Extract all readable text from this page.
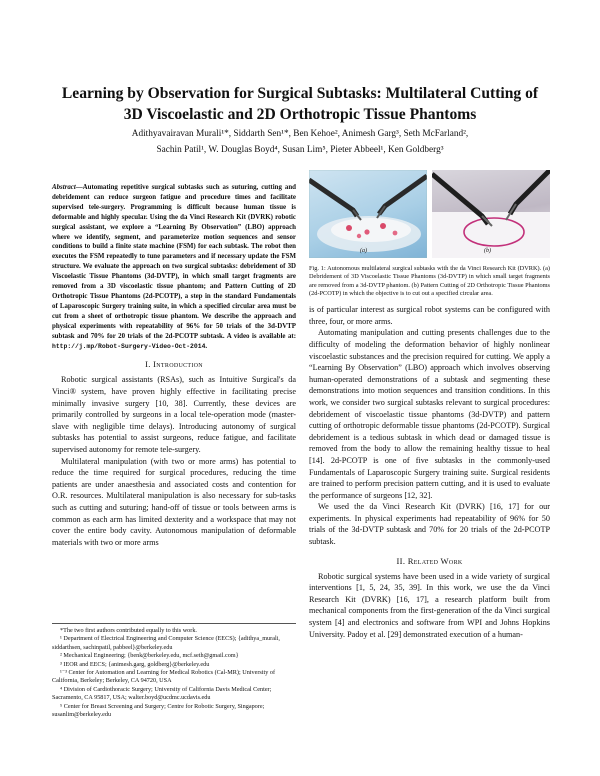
Learning by Observation for Surgical Subtasks: Multilateral Cutting of
3D Viscoelastic and 2D Orthotropic Tissue Phantoms
Adithyavairavan Murali¹*, Siddarth Sen¹*, Ben Kehoe², Animesh Garg³, Seth McFarland²,
Sachin Patil¹, W. Douglas Boyd⁴, Susan Lim⁵, Pieter Abbeel¹, Ken Goldberg³

Abstract—Automating repetitive surgical subtasks such as suturing, cutting and debridement can reduce surgeon fatigue and procedure times and facilitate supervised tele-surgery. Programming is difficult because human tissue is deformable and highly specular. Using the da Vinci Research Kit (DVRK) robotic surgical assistant, we explore a “Learning By Observation” (LBO) approach where we identify, segment, and parameterize motion sequences and sensor conditions to build a finite state machine (FSM) for each subtask. The robot then executes the FSM repeatedly to tune parameters and if necessary update the FSM structure. We evaluate the approach on two surgical subtasks: debridement of 3D Viscoelastic Tissue Phantoms (3d-DVTP), in which small target fragments are removed from a 3D viscoelastic tissue phantom; and Pattern Cutting of 2D Orthotropic Tissue Phantoms (2d-PCOTP), a step in the standard Fundamentals of Laparoscopic Surgery training suite, in which a specified circular area must be cut from a sheet of orthotropic tissue phantom. We describe the approach and physical experiments with repeatability of 96% for 50 trials of the 3d-DVTP subtask and 70% for 20 trials of the 2d-PCOTP subtask. A video is available at: http://j.mp/Robot-Surgery-Video-Oct-2014.

I. Introduction

Robotic surgical assistants (RSAs), such as Intuitive Surgical's da Vinci® system, have proven highly effective in facilitating precise minimally invasive surgery [10, 38]. Currently, these devices are primarily controlled by surgeons in a local tele-operation mode (master-slave with negligible time delays). Introducing autonomy of surgical subtasks has potential to assist surgeons, reduce fatigue, and facilitate supervised autonomy for remote tele-surgery.

Multilateral manipulation (with two or more arms) has potential to reduce the time required for surgical procedures, reducing the time patients are under anaesthesia and associated costs and contention for O.R. resources. Multilateral manipulation is also necessary for sub-tasks such as cutting and suturing; hand-off of tissue or tools between arms is common as each arm has limited dexterity and a workspace that may not cover the entire body cavity. Autonomous manipulation of deformable materials with two or more arms

*The two first authors contributed equally to this work.

¹ Department of Electrical Engineering and Computer Science (EECS); {adithya_murali, siddarthsen, sachinpatil, pabbeel}@berkeley.edu

² Mechanical Engineering; {benk@berkeley.edu, mcf.seth@gmail.com}

³ IEOR and EECS; {animesh.garg, goldberg}@berkeley.edu

¹⁻³ Center for Automation and Learning for Medical Robotics (Cal-MR); University of California, Berkeley; Berkeley, CA 94720, USA

⁴ Division of Cardiothoracic Surgery; University of California Davis Medical Center; Sacramento, CA 95817, USA; walter.boyd@ucdmc.ucdavis.edu

⁵ Center for Breast Screening and Surgery; Centre for Robotic Surgery, Singapore; susanlim@berkeley.edu

(a)	(b)

Fig. 1: Autonomous multilateral surgical subtasks with the da Vinci Research Kit (DVRK). (a) Debridement of 3D Viscoelastic Tissue Phantoms (3d-DVTP) in which small target fragments are removed from a 3d-DVTP phantom. (b) Pattern Cutting of 2D Orthotropic Tissue Phantoms (2d-PCOTP) in which the objective is to cut out a specified circular area.

is of particular interest as surgical robot systems can be configured with three, four, or more arms.

Automating manipulation and cutting presents challenges due to the difficulty of modeling the deformation behavior of highly nonlinear viscoelastic substances and the precision required for cutting. We apply a “Learning By Observation” (LBO) approach which involves observing human-operated demonstrations of a subtask and segmenting these demonstrations into motion sequences and transition conditions. In this work, we consider two surgical subtasks relevant to surgical procedures: debridement of viscoelastic tissue phantoms (3d-DVTP) and pattern cutting of orthotropic deformable tissue phantoms (2d-PCOTP). Surgical debridement is a tedious subtask in which dead or damaged tissue is removed from the body to allow the remaining healthy tissue to heal [14]. 2d-PCOTP is one of five subtasks in the commonly-used Fundamentals of Laparoscopic Surgery training suite. Surgical residents are trained to perform precision pattern cutting, and it is used to evaluate the performance of surgeons [12, 32].

We used the da Vinci Research Kit (DVRK) [16, 17] for our experiments. In physical experiments had repeatability of 96% for 50 trials of the 3d-DVTP subtask and 70% for 20 trials of the 2d-PCOTP subtask.

II. Related Work

Robotic surgical systems have been used in a wide variety of surgical interventions [1, 5, 24, 35, 39]. In this work, we use the da Vinci Research Kit (DVRK) [16, 17], a research platform built from mechanical components from the first-generation of the da Vinci surgical system [4] and electronics and software from WPI and Johns Hopkins University. Padoy et al. [29] demonstrated execution of a human-
